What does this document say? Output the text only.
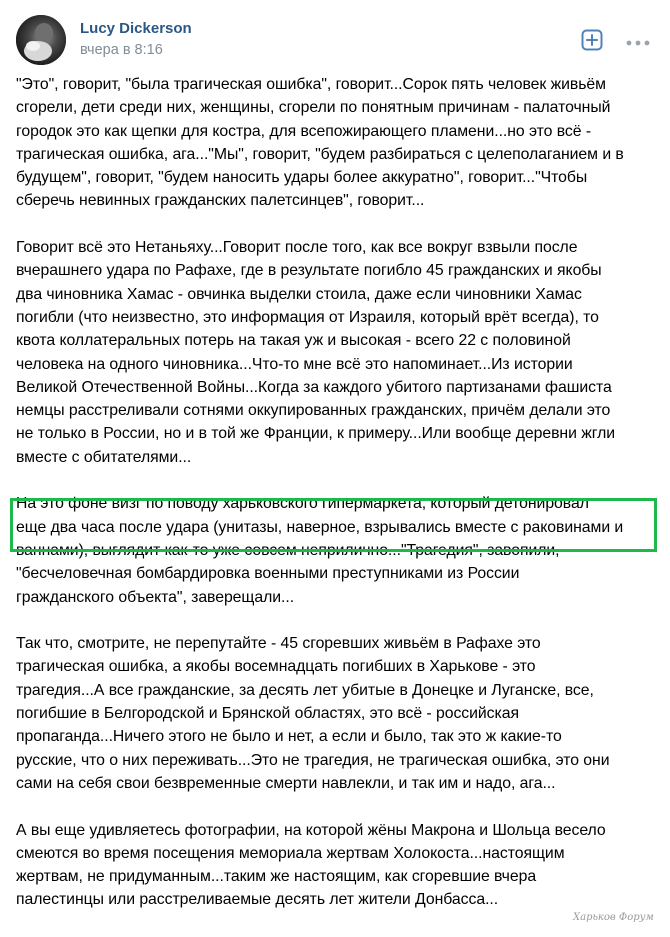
Lucy Dickerson
вчера в 8:16

"Это", говорит, "была трагическая ошибка", говорит...Сорок пять человек живьём
сгорели, дети среди них, женщины, сгорели по понятным причинам - палаточный
городок это как щепки для костра, для всепожирающего пламени...но это всё -
трагическая ошибка, ага..."Мы", говорит, "будем разбираться с целеполаганием и в
будущем", говорит, "будем наносить удары более аккуратно", говорит..."Чтобы
сберечь невинных гражданских палетсинцев", говорит...

Говорит всё это Нетаньяху...Говорит после того, как все вокруг взвыли после
вчерашнего удара по Рафахе, где в результате погибло 45 гражданских и якобы
два чиновника Хамас - овчинка выделки стоила, даже если чиновники Хамас
погибли (что неизвестно, это информация от Израиля, который врёт всегда), то
квота коллатеральных потерь на такая уж и высокая - всего 22 с половиной
человека на одного чиновника...Что-то мне всё это напоминает...Из истории
Великой Отечественной Войны...Когда за каждого убитого партизанами фашиста
немцы расстреливали сотнями оккупированных гражданских, причём делали это
не только в России, но и в той же Франции, к примеру...Или вообще деревни жгли
вместе с обитателями...

На это фоне визг по поводу харьковского гипермаркета, который детонировал
еще два часа после удара (унитазы, наверное, взрывались вместе с раковинами и
ваннами), выглядит как-то уже совсем неприлично..."Трагедия", завопили,
"бесчеловечная бомбардировка военными преступниками из России
гражданского объекта", заверещали...

Так что, смотрите, не перепутайте - 45 сгоревших живьём в Рафахе это
трагическая ошибка, а якобы восемнадцать погибших в Харькове - это
трагедия...А все гражданские, за десять лет убитые в Донецке и Луганске, все,
погибшие в Белгородской и Брянской областях, это всё - российская
пропаганда...Ничего этого не было и нет, а если и было, так это ж какие-то
русские, что о них переживать...Это не трагедия, не трагическая ошибка, это они
сами на себя свои безвременные смерти навлекли, и так им и надо, ага...

А вы еще удивляетесь фотографии, на которой жёны Макрона и Шольца весело
смеются во время посещения мемориала жертвам Холокоста...настоящим
жертвам, не придуманным...таким же настоящим, как сгоревшие вчера
палестинцы или расстреливаемые десять лет жители Донбасса...

Харьков Форум
